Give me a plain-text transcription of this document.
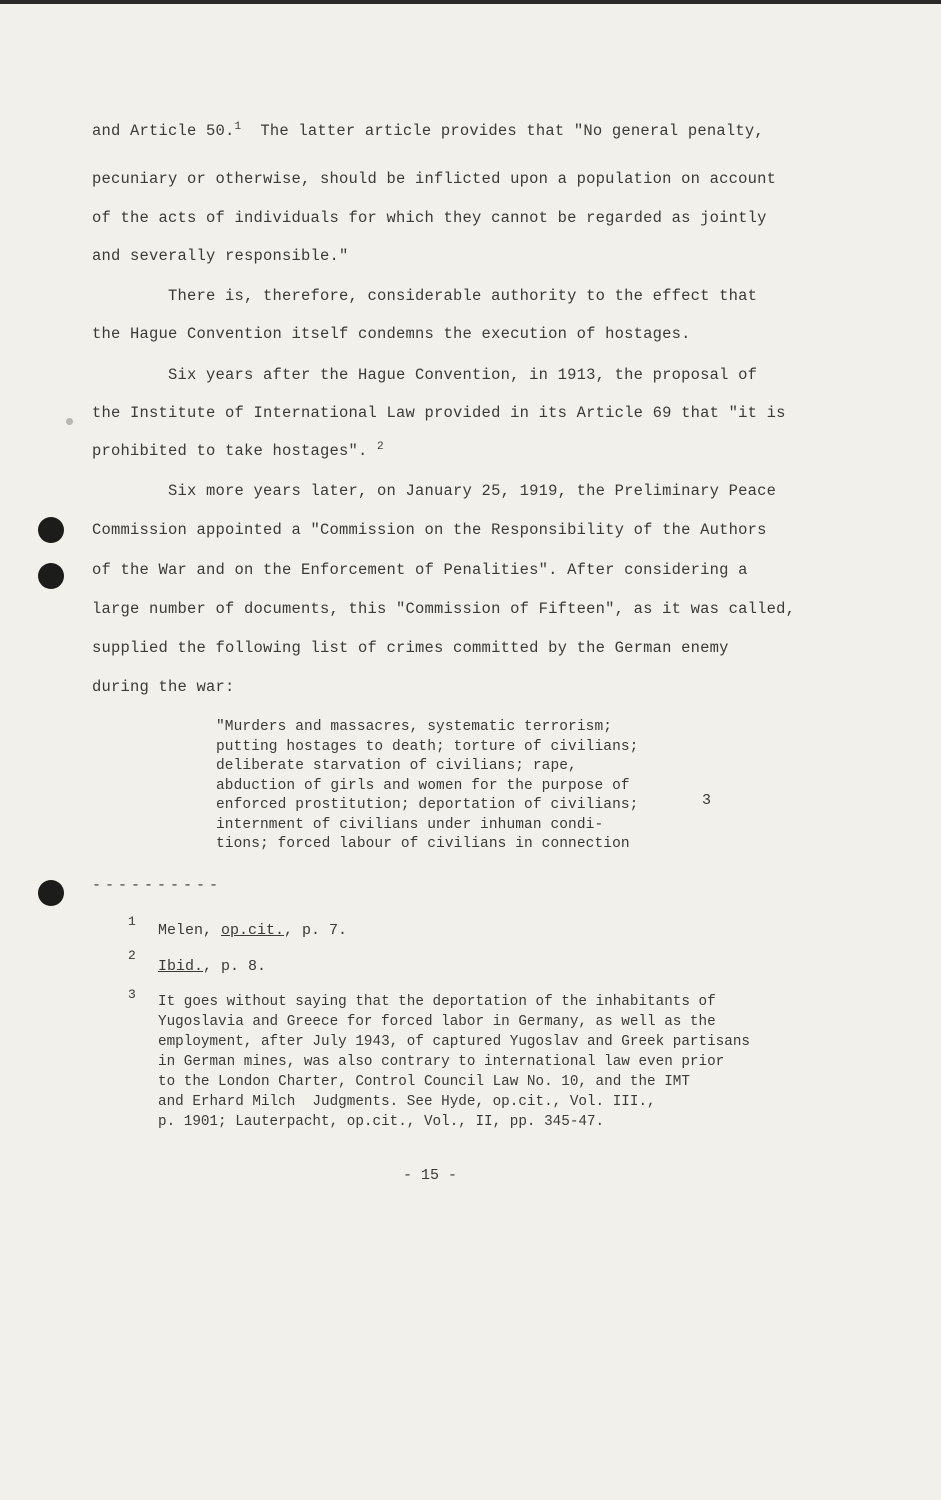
and Article 50.$^1$  The latter article provides that "No general penalty,
pecuniary or otherwise, should be inflicted upon a population on account
of the acts of individuals for which they cannot be regarded as jointly
and severally responsible."
There is, therefore, considerable authority to the effect that
the Hague Convention itself condemns the execution of hostages.
Six years after the Hague Convention, in 1913, the proposal of
the Institute of International Law provided in its Article 69 that "it is
prohibited to take hostages". $^2$
Six more years later, on January 25, 1919, the Preliminary Peace
Commission appointed a "Commission on the Responsibility of the Authors
of the War and on the Enforcement of Penalities". After considering a
large number of documents, this "Commission of Fifteen", as it was called,
supplied the following list of crimes committed by the German enemy
during the war:
"Murders and massacres, systematic terrorism;
putting hostages to death; torture of civilians;
deliberate starvation of civilians; rape,
abduction of girls and women for the purpose of
enforced prostitution; deportation of civilians;
internment of civilians under inhuman condi-
tions; forced labour of civilians in connection
3
----------
1
Melen, op.cit., p. 7.
2
Ibid., p. 8.
3 It goes without saying that the deportation of the inhabitants of
Yugoslavia and Greece for forced labor in Germany, as well as the
employment, after July 1943, of captured Yugoslav and Greek partisans
in German mines, was also contrary to international law even prior
to the London Charter, Control Council Law No. 10, and the IMT
and Erhard Milch  Judgments. See Hyde, op.cit., Vol. III.,
p. 1901; Lauterpacht, op.cit., Vol., II, pp. 345-47.
- 15 -
